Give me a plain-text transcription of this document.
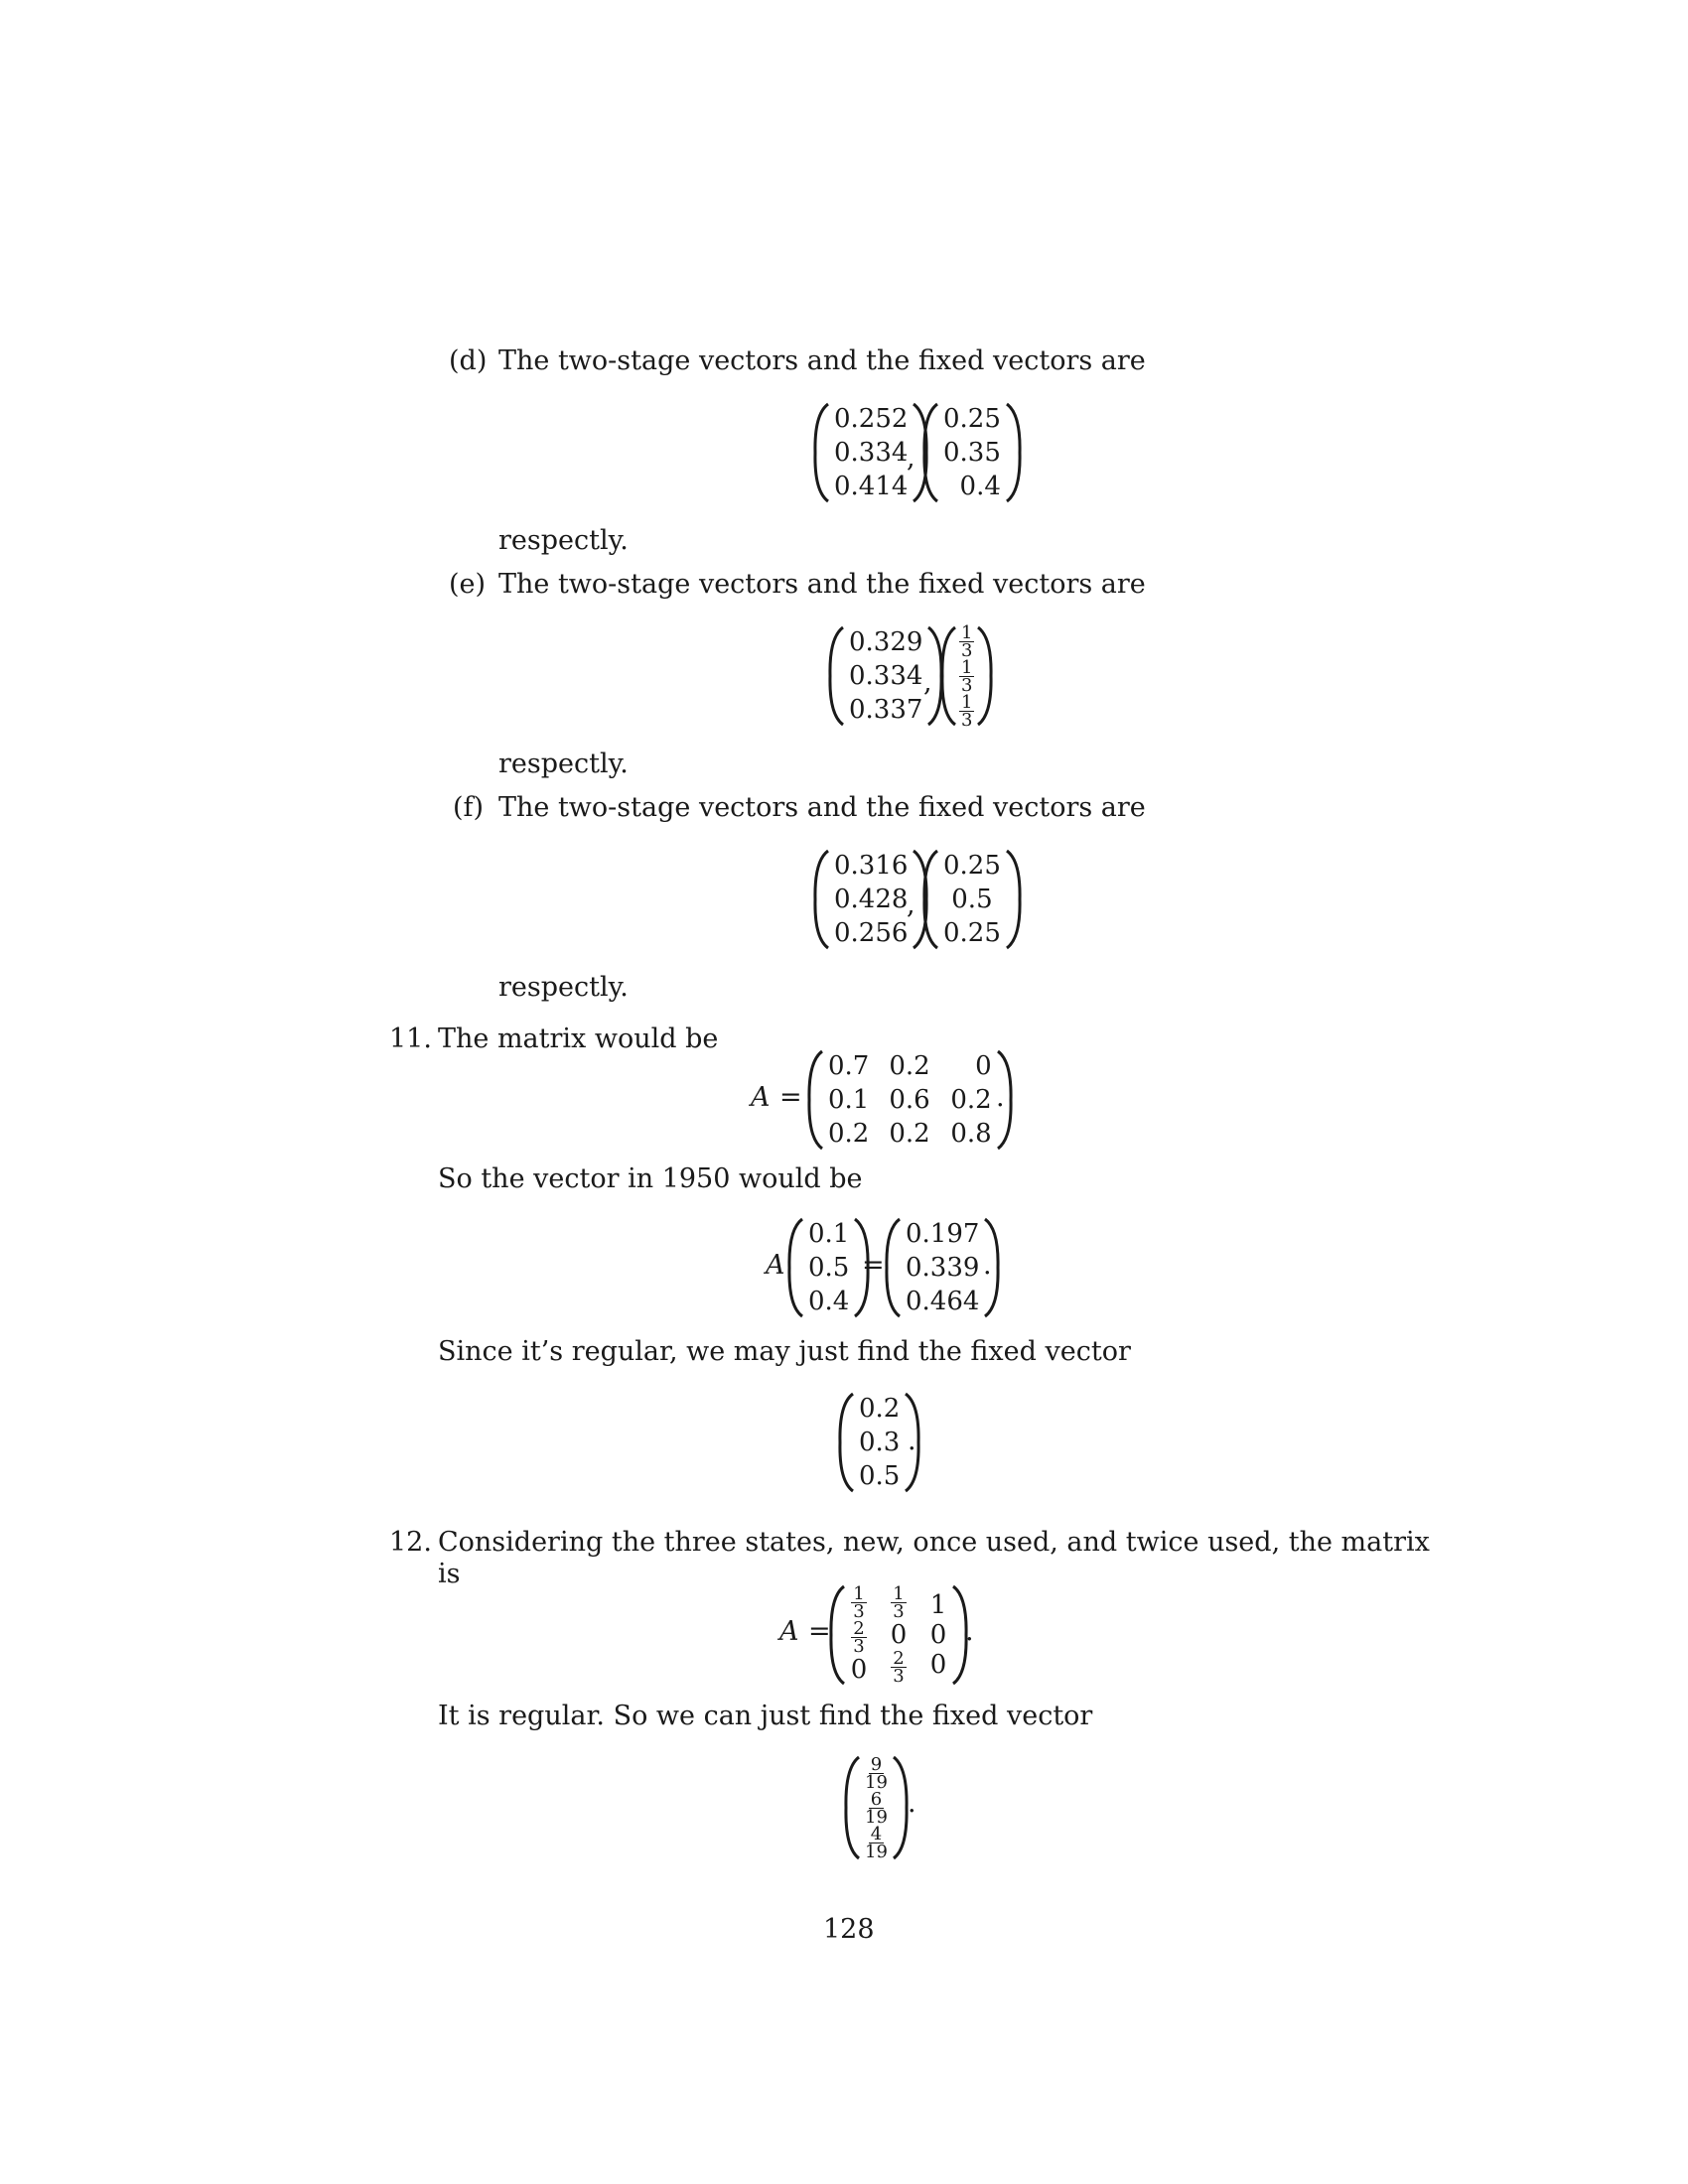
(d) The two-stage vectors and the fixed vectors are
0.252
0.334
0.414
,
0.25
0.35
0.4
respectly.
(e) The two-stage vectors and the fixed vectors are
0.329
0.334
0.337
,
$\frac{1}{3}$
$\frac{1}{3}$
$\frac{1}{3}$
respectly.
(f) The two-stage vectors and the fixed vectors are
0.316
0.428
0.256
,
0.25
0.5
0.25
respectly.
11. The matrix would be
A =
0.7
0.1
0.2
0.2
0.6
0.2
0
0.2
0.8
.
So the vector in 1950 would be
A
0.1
0.5
0.4
=
0.197
0.339
0.464
.
Since it’s regular, we may just find the fixed vector
0.2
0.3
0.5
.
12. Considering the three states, new, once used, and twice used, the matrix
is
A =
$\frac{1}{3}$
$\frac{2}{3}$
0
$\frac{1}{3}$
0
$\frac{2}{3}$
1
0
0
.
It is regular. So we can just find the fixed vector
$\frac{9}{19}$
$\frac{6}{19}$
$\frac{4}{19}$
.
128
